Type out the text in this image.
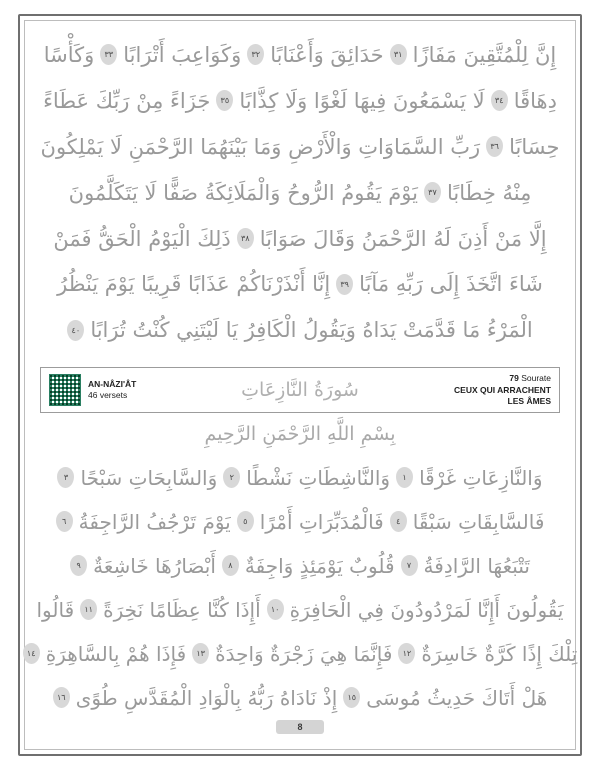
إِنَّ لِلْمُتَّقِينَ مَفَازًا
٣١
حَدَائِقَ وَأَعْنَابًا
٣٢
وَكَوَاعِبَ أَتْرَابًا
٣٣
وَكَأْسًا
دِهَاقًا
٣٤
لَا يَسْمَعُونَ فِيهَا لَغْوًا وَلَا كِذَّابًا
٣٥
جَزَاءً مِنْ رَبِّكَ عَطَاءً
حِسَابًا
٣٦
رَبِّ السَّمَاوَاتِ وَالْأَرْضِ وَمَا بَيْنَهُمَا الرَّحْمَنِ لَا يَمْلِكُونَ
مِنْهُ خِطَابًا
٣٧
يَوْمَ يَقُومُ الرُّوحُ وَالْمَلَائِكَةُ صَفًّا لَا يَتَكَلَّمُونَ
إِلَّا مَنْ أَذِنَ لَهُ الرَّحْمَنُ وَقَالَ صَوَابًا
٣٨
ذَلِكَ الْيَوْمُ الْحَقُّ فَمَنْ
شَاءَ اتَّخَذَ إِلَى رَبِّهِ مَآبًا
٣٩
إِنَّا أَنْذَرْنَاكُمْ عَذَابًا قَرِيبًا يَوْمَ يَنْظُرُ
الْمَرْءُ مَا قَدَّمَتْ يَدَاهُ وَيَقُولُ الْكَافِرُ يَا لَيْتَنِي كُنْتُ تُرَابًا
٤٠
AN-NÂZI'ÂT
46 versets	سُورَةُ النَّازِعَاتِ
79 Sourate
CEUX QUI ARRACHENT
LES ÂMES
بِسْمِ اللَّهِ الرَّحْمَنِ الرَّحِيمِ
وَالنَّازِعَاتِ غَرْقًا
١
وَالنَّاشِطَاتِ نَشْطًا
٢
وَالسَّابِحَاتِ سَبْحًا
٣
فَالسَّابِقَاتِ سَبْقًا
٤
فَالْمُدَبِّرَاتِ أَمْرًا
٥
يَوْمَ تَرْجُفُ الرَّاجِفَةُ
٦
تَتْبَعُهَا الرَّادِفَةُ
٧
قُلُوبٌ يَوْمَئِذٍ وَاجِفَةٌ
٨
أَبْصَارُهَا خَاشِعَةٌ
٩
يَقُولُونَ أَإِنَّا لَمَرْدُودُونَ فِي الْحَافِرَةِ
١٠
أَإِذَا كُنَّا عِظَامًا نَخِرَةً
١١
قَالُوا
تِلْكَ إِذًا كَرَّةٌ خَاسِرَةٌ
١٢
فَإِنَّمَا هِيَ زَجْرَةٌ وَاحِدَةٌ
١٣
فَإِذَا هُمْ بِالسَّاهِرَةِ
١٤
هَلْ أَتَاكَ حَدِيثُ مُوسَى
١٥
إِذْ نَادَاهُ رَبُّهُ بِالْوَادِ الْمُقَدَّسِ طُوًى
١٦
8
